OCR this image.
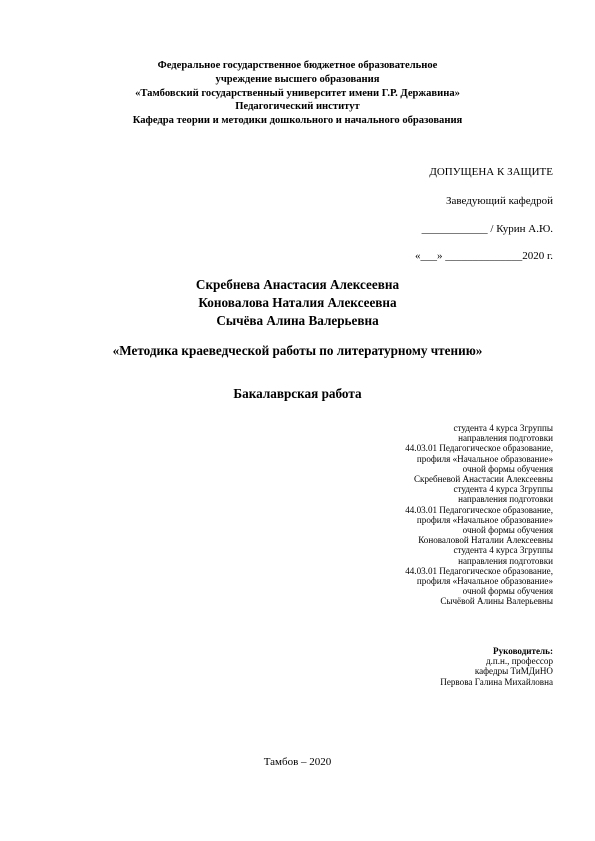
Федеральное государственное бюджетное образовательное
учреждение высшего образования
«Тамбовский государственный университет имени Г.Р. Державина»
Педагогический институт
Кафедра теории и методики дошкольного и начального образования
ДОПУЩЕНА К ЗАЩИТЕ
Заведующий кафедрой
____________ / Курин А.Ю.
«___» ______________2020 г.
Скребнева Анастасия Алексеевна
Коновалова Наталия Алексеевна
Сычёва Алина Валерьевна
«Методика краеведческой работы по литературному чтению»
Бакалаврская работа
студента 4 курса 3группы
направления подготовки
44.03.01 Педагогическое образование,
профиля «Начальное образование»
очной формы обучения
Скребневой Анастасии Алексеевны
студента 4 курса 3группы
направления подготовки
44.03.01 Педагогическое образование,
профиля «Начальное образование»
очной формы обучения
Коноваловой Наталии Алексеевны
студента 4 курса 3группы
направления подготовки
44.03.01 Педагогическое образование,
профиля «Начальное образование»
очной формы обучения
Сычёвой Алины Валерьевны
Руководитель:
д.п.н., профессор
кафедры ТиМДиНО
Первова Галина Михайловна
Тамбов – 2020
